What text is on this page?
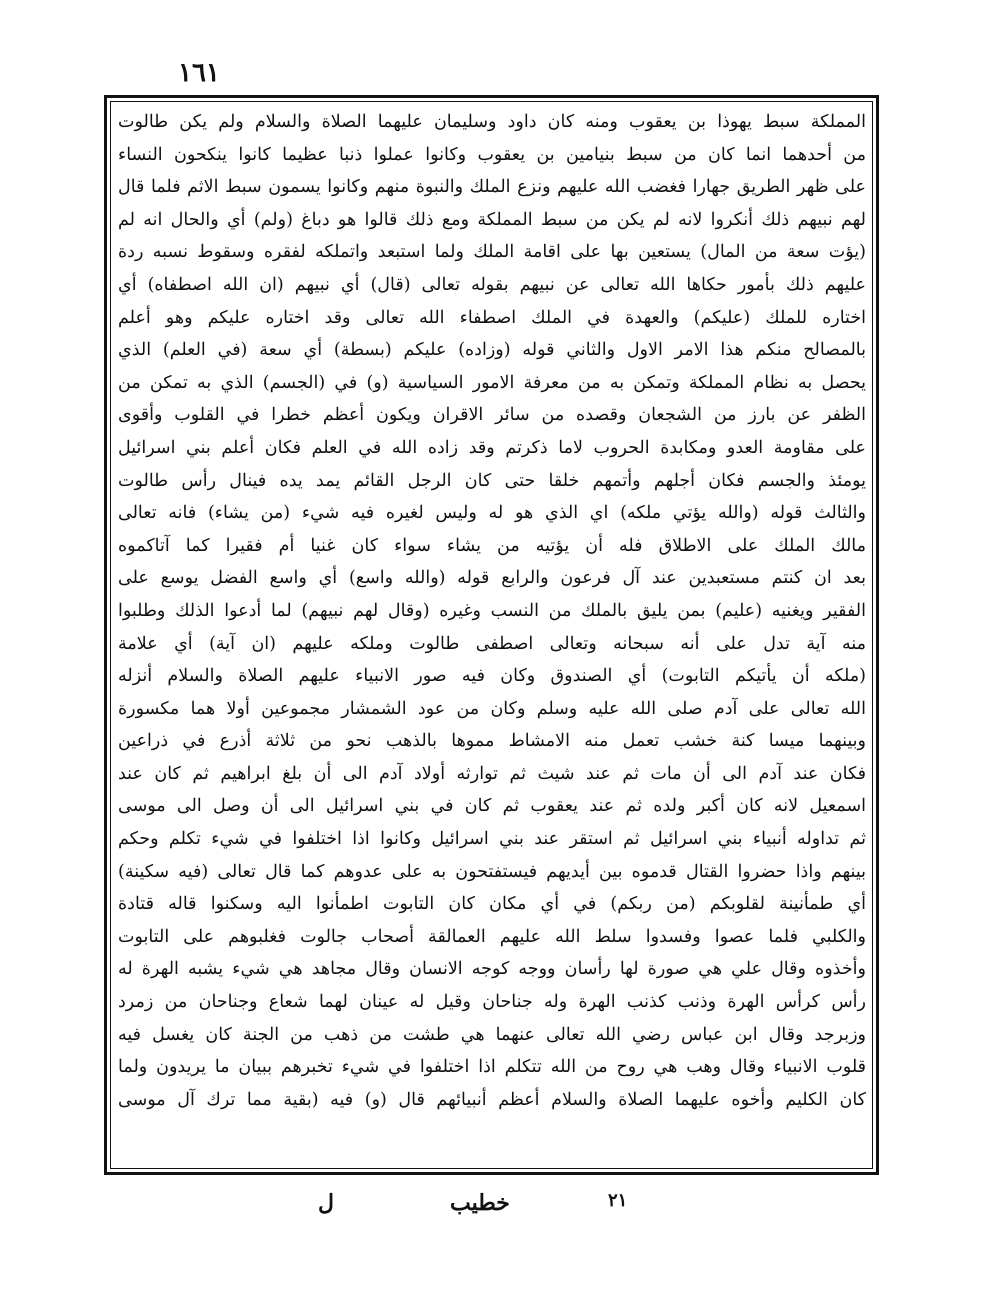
١٦١
المملكة سبط يهوذا بن يعقوب ومنه كان داود وسليمان عليهما الصلاة والسلام ولم يكن طالوت
من أحدهما انما كان من سبط بنيامين بن يعقوب وكانوا عملوا ذنبا عظيما كانوا ينكحون النساء
على ظهر الطريق جهارا فغضب الله عليهم ونزع الملك والنبوة منهم وكانوا يسمون سبط الاثم فلما قال
لهم نبيهم ذلك أنكروا لانه لم يكن من سبط المملكة ومع ذلك قالوا هو دباغ (ولم) أي والحال انه لم
(يؤت سعة من المال) يستعين بها على اقامة الملك ولما استبعد واتملكه لفقره وسقوط نسبه ردة
عليهم ذلك بأمور حكاها الله تعالى عن نبيهم بقوله تعالى (قال) أي نبيهم (ان الله اصطفاه) أي
اختاره للملك (عليكم) والعهدة في الملك اصطفاء الله تعالى وقد اختاره عليكم وهو أعلم
بالمصالح منكم هذا الامر الاول والثاني قوله (وزاده) عليكم (بسطة) أي سعة (في العلم) الذي
يحصل به نظام المملكة وتمكن به من معرفة الامور السياسية (و) في (الجسم) الذي به تمكن من
الظفر عن بارز من الشجعان وقصده من سائر الاقران ويكون أعظم خطرا في القلوب وأقوى
على مقاومة العدو ومكابدة الحروب لاما ذكرتم وقد زاده الله في العلم فكان أعلم بني اسرائيل
يومئذ والجسم فكان أجلهم وأتمهم خلقا حتى كان الرجل القائم يمد يده فينال رأس طالوت
والثالث قوله (والله يؤتي ملكه) اي الذي هو له وليس لغيره فيه شيء (من يشاء) فانه تعالى
مالك الملك على الاطلاق فله أن يؤتيه من يشاء سواء كان غنيا أم فقيرا كما آتاكموه
بعد ان كنتم مستعبدين عند آل فرعون والرابع قوله (والله واسع) أي واسع الفضل يوسع على
الفقير ويغنيه (عليم) بمن يليق بالملك من النسب وغيره (وقال لهم نبيهم) لما أدعوا الذلك وطلبوا
منه آية تدل على أنه سبحانه وتعالى اصطفى طالوت وملكه عليهم (ان آية) أي علامة
(ملكه أن يأتيكم التابوت) أي الصندوق وكان فيه صور الانبياء عليهم الصلاة والسلام أنزله
الله تعالى على آدم صلى الله عليه وسلم وكان من عود الشمشار مجموعين أولا هما مكسورة
وبينهما ميسا كنة خشب تعمل منه الامشاط مموها بالذهب نحو من ثلاثة أذرع في ذراعين
فكان عند آدم الى أن مات ثم عند شيث ثم توارثه أولاد آدم الى أن بلغ ابراهيم ثم كان عند
اسمعيل لانه كان أكبر ولده ثم عند يعقوب ثم كان في بني اسرائيل الى أن وصل الى موسى
ثم تداوله أنبياء بني اسرائيل ثم استقر عند بني اسرائيل وكانوا اذا اختلفوا في شيء تكلم وحكم
بينهم واذا حضروا القتال قدموه بين أيديهم فيستفتحون به على عدوهم كما قال تعالى (فيه سكينة)
أي طمأنينة لقلوبكم (من ربكم) في أي مكان كان التابوت اطمأنوا اليه وسكنوا قاله قتادة
والكلبي فلما عصوا وفسدوا سلط الله عليهم العمالقة أصحاب جالوت فغلبوهم على التابوت
وأخذوه وقال علي هي صورة لها رأسان ووجه كوجه الانسان وقال مجاهد هي شيء يشبه الهرة له
رأس كرأس الهرة وذنب كذنب الهرة وله جناحان وقيل له عينان لهما شعاع وجناحان من زمرد
وزبرجد وقال ابن عباس رضي الله تعالى عنهما هي طشت من ذهب من الجنة كان يغسل فيه
قلوب الانبياء وقال وهب هي روح من الله تتكلم اذا اختلفوا في شيء تخبرهم ببيان ما يريدون ولما
كان الكليم وأخوه عليهما الصلاة والسلام أعظم أنبيائهم قال (و) فيه (بقية مما ترك آل موسى
ل	خطيب	٢١
